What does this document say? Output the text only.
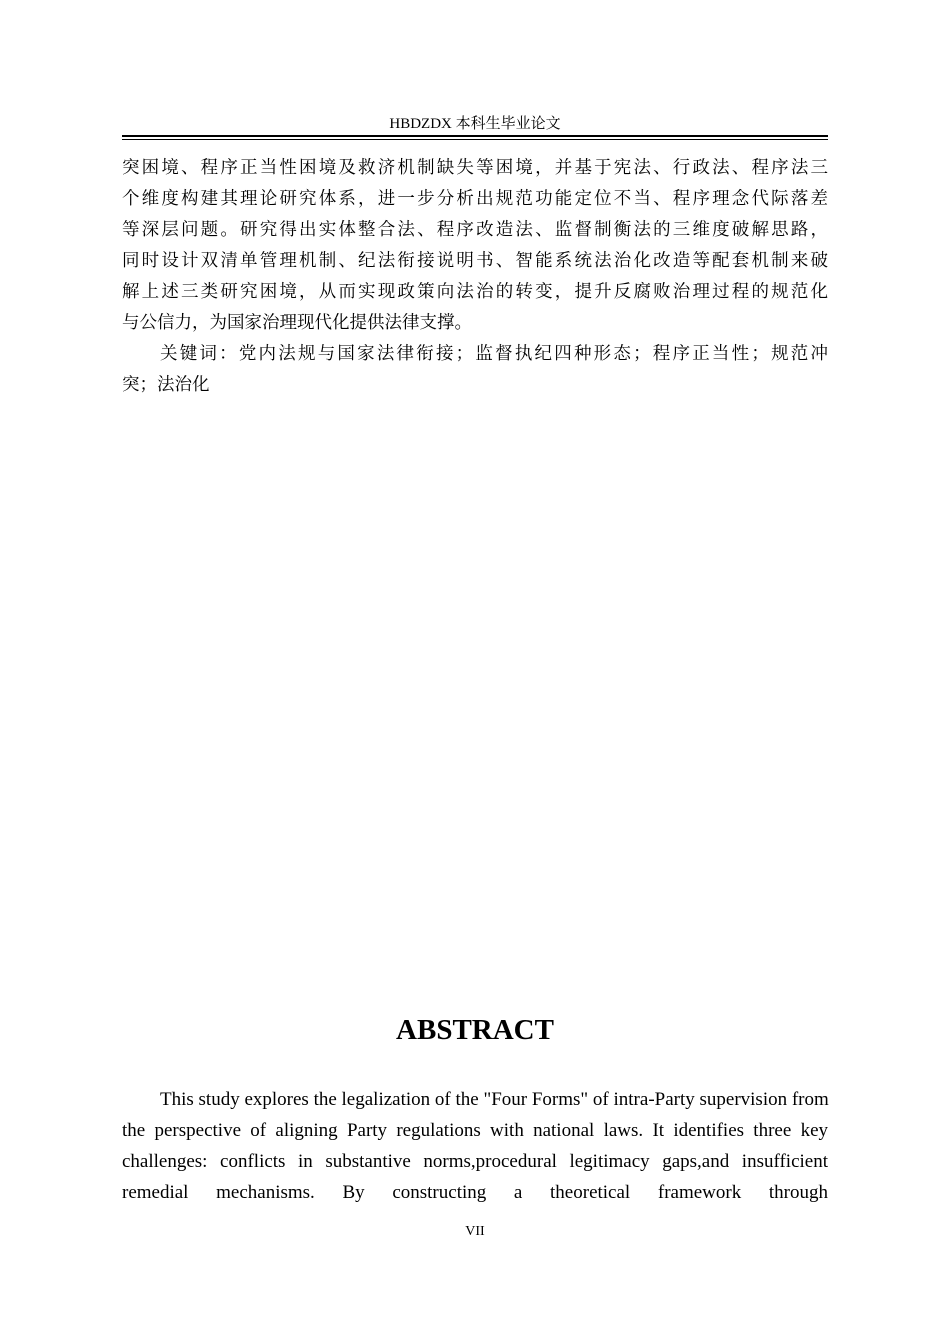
HBDZDX 本科生毕业论文
突困境、程序正当性困境及救济机制缺失等困境，并基于宪法、行政法、程序法三
个维度构建其理论研究体系，进一步分析出规范功能定位不当、程序理念代际落差
等深层问题。研究得出实体整合法、程序改造法、监督制衡法的三维度破解思路，
同时设计双清单管理机制、纪法衔接说明书、智能系统法治化改造等配套机制来破
解上述三类研究困境，从而实现政策向法治的转变，提升反腐败治理过程的规范化
与公信力，为国家治理现代化提供法律支撑。
关键词：党内法规与国家法律衔接；监督执纪四种形态；程序正当性；规范冲
突；法治化
ABSTRACT
This study explores the legalization of the "Four Forms" of intra-Party supervision from
the perspective of aligning Party regulations with national laws. It identifies three key
challenges: conflicts in substantive norms,procedural legitimacy gaps,and insufficient
remedial mechanisms. By constructing a theoretical framework through
VII
